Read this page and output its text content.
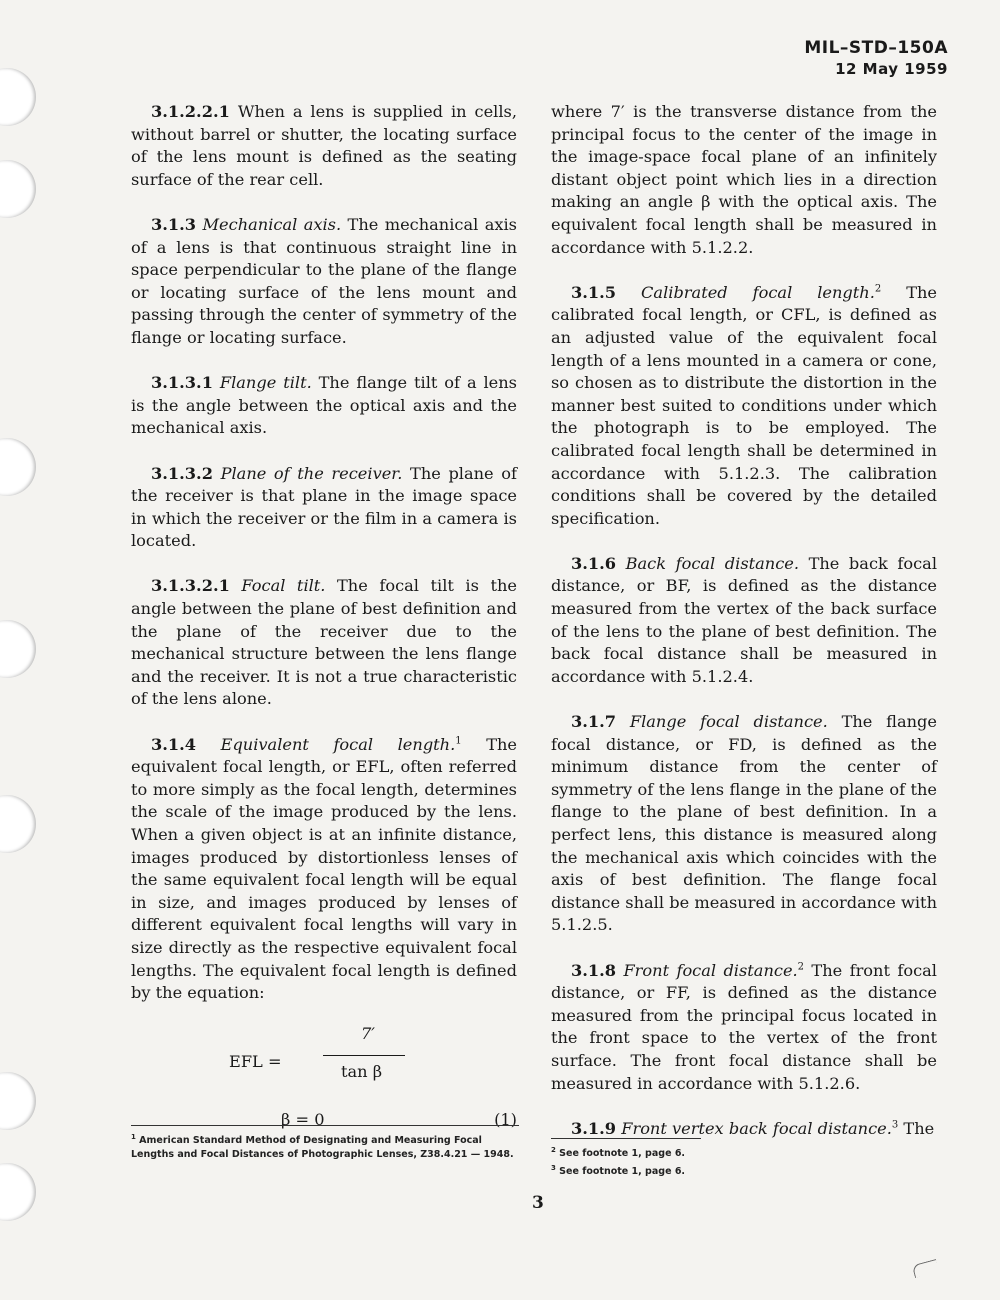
MIL–STD–150A
12 May 1959

3.1.2.2.1 When a lens is supplied in cells, without barrel or shutter, the locating surface of the lens mount is defined as the seating surface of the rear cell.

3.1.3 Mechanical axis. The mechanical axis of a lens is that continuous straight line in space perpendicular to the plane of the flange or locating surface of the lens mount and passing through the center of symmetry of the flange or locating surface.

3.1.3.1 Flange tilt. The flange tilt of a lens is the angle between the optical axis and the mechanical axis.

3.1.3.2 Plane of the receiver. The plane of the receiver is that plane in the image space in which the receiver or the film in a camera is located.

3.1.3.2.1 Focal tilt. The focal tilt is the angle between the plane of best definition and the plane of the receiver due to the mechanical structure between the lens flange and the receiver. It is not a true characteristic of the lens alone.

3.1.4 Equivalent focal length.$^1$ The equivalent focal length, or EFL, often referred to more simply as the focal length, determines the scale of the image produced by the lens. When a given object is at an infinite distance, images produced by distortionless lenses of the same equivalent focal length will be equal in size, and images produced by lenses of different equivalent focal lengths will vary in size directly as the respective equivalent focal lengths. The equivalent focal length is defined by the equation:

EFL =
7′
tan β
β = 0	(1)

where 7′ is the transverse distance from the principal focus to the center of the image in the image-space focal plane of an infinitely distant object point which lies in a direction making an angle β with the optical axis. The equivalent focal length shall be measured in accordance with 5.1.2.2.

3.1.5 Calibrated focal length.$^2$ The calibrated focal length, or CFL, is defined as an adjusted value of the equivalent focal length of a lens mounted in a camera or cone, so chosen as to distribute the distortion in the manner best suited to conditions under which the photograph is to be employed. The calibrated focal length shall be determined in accordance with 5.1.2.3. The calibration conditions shall be covered by the detailed specification.

3.1.6 Back focal distance. The back focal distance, or BF, is defined as the distance measured from the vertex of the back surface of the lens to the plane of best definition. The back focal distance shall be measured in accordance with 5.1.2.4.

3.1.7 Flange focal distance. The flange focal distance, or FD, is defined as the minimum distance from the center of symmetry of the lens flange in the plane of the flange to the plane of best definition. In a perfect lens, this distance is measured along the mechanical axis which coincides with the axis of best definition. The flange focal distance shall be measured in accordance with 5.1.2.5.

3.1.8 Front focal distance.$^2$ The front focal distance, or FF, is defined as the distance measured from the principal focus located in the front space to the vertex of the front surface. The front focal distance shall be measured in accordance with 5.1.2.6.

3.1.9 Front vertex back focal distance.$^3$ The

$^1$ American Standard Method of Designating and Measuring Focal Lengths and Focal Distances of Photographic Lenses, Z38.4.21 — 1948.	$^2$ See footnote 1, page 6.
$^3$ See footnote 1, page 6.
3
